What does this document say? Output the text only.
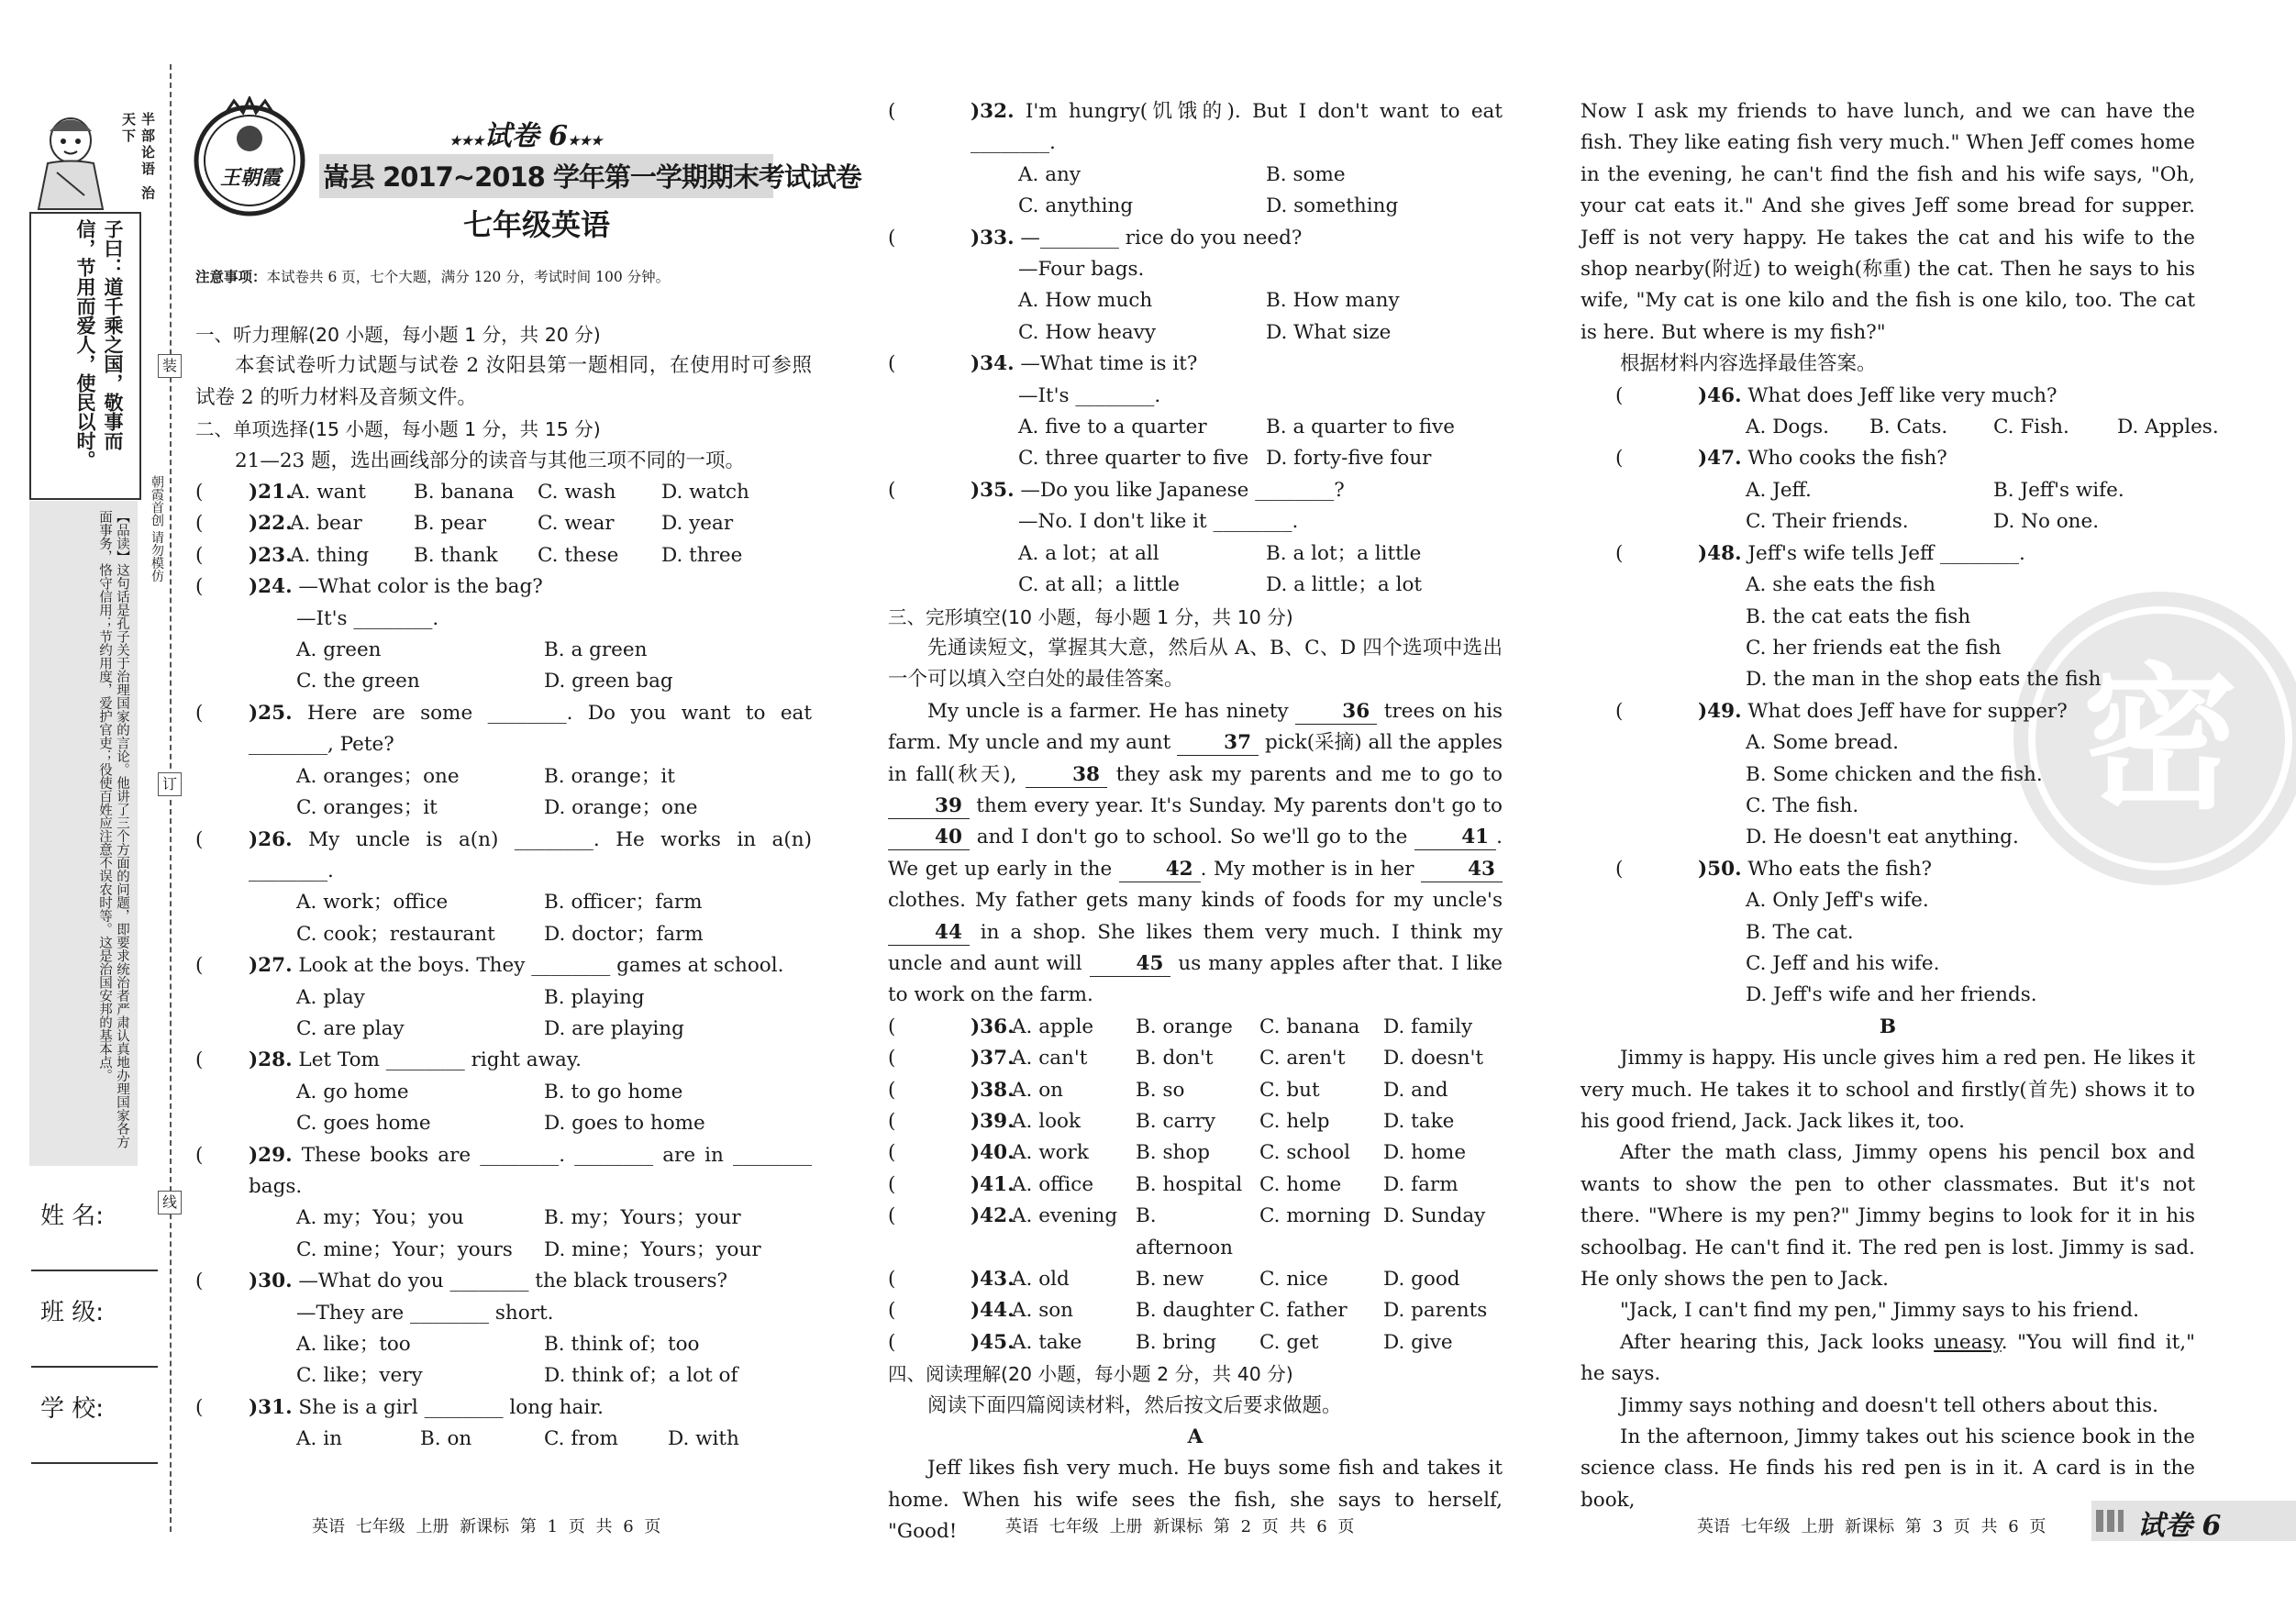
半部论语 治天下
子曰：道千乘之国，敬事而信，节用而爱人，使民以时。
【品读】这句话是孔子关于治理国家的言论。他讲了三个方面的问题，即要求统治者严肃认真地办理国家各方面事务，恪守信用；节约用度，爱护官吏；役使百姓应注意不误农时等。这是治国安邦的基本点。	朝霞首创 请勿模仿
装
订
线
姓 名:
班 级:
学 校:
王朝霞
★★★试卷 6★★★
嵩县 2017~2018 学年第一学期期末考试试卷
七年级英语
注意事项：本试卷共 6 页，七个大题，满分 120 分，考试时间 100 分钟。

一、听力理解(20 小题，每小题 1 分，共 20 分)

本套试卷听力试题与试卷 2 汝阳县第一题相同，在使用时可参照试卷 2 的听力材料及音频文件。

二、单项选择(15 小题，每小题 1 分，共 15 分)

21—23 题，选出画线部分的读音与其他三项不同的一项。

(	)21.
A. want	B. banana	C. wash	D. watch
(	)22.
A. bear	B. pear	C. wear	D. year
(	)23.
A. thing	B. thank	C. these	D. three
(	)24. —What color is the bag?

—It's ________.

A. green	B. a green
C. the green	D. green bag
(	)25. Here are some ________. Do you want to eat ________, Pete?

A. oranges；one	B. orange；it
C. oranges；it	D. orange；one
(	)26. My uncle is a(n) ________. He works in a(n) ________.

A. work；office	B. officer；farm
C. cook；restaurant	D. doctor；farm
(	)27. Look at the boys. They ________ games at school.

A. play	B. playing
C. are play	D. are playing
(	)28. Let Tom ________ right away.

A. go home	B. to go home
C. goes home	D. goes to home
(	)29. These books are ________. ________ are in ________ bags.

A. my；You；you	B. my；Yours；your
C. mine；Your；yours	D. mine；Yours；your
(	)30. —What do you ________ the black trousers?

—They are ________ short.

A. like；too	B. think of；too
C. like；very	D. think of；a lot of
(	)31. She is a girl ________ long hair.

A. in	B. on	C. from	D. with
英语 七年级 上册 新课标 第 1 页 共 6 页
(	)32. I'm hungry(饥饿的). But I don't want to eat ________.

A. any	B. some
C. anything	D. something
(	)33. —________ rice do you need?

—Four bags.

A. How much	B. How many
C. How heavy	D. What size
(	)34. —What time is it?

—It's ________.

A. five to a quarter	B. a quarter to five
C. three quarter to five D. forty-five four
(	)35. —Do you like Japanese ________?

—No. I don't like it ________.

A. a lot；at all	B. a lot；a little
C. at all；a little	D. a little；a lot

三、完形填空(10 小题，每小题 1 分，共 10 分)

先通读短文，掌握其大意，然后从 A、B、C、D 四个选项中选出一个可以填入空白处的最佳答案。

My uncle is a farmer. He has ninety	36 trees on his farm. My uncle and my aunt	37 pick(采摘) all the apples in fall(秋天),	38 they ask my parents and me to go to 39 them every year. It's Sunday. My parents don't go to 40 and I don't go to school. So we'll go to the	41 . We get up early in the	42 . My mother is in her	43 clothes. My father gets many kinds of foods for my uncle's 44 in a shop. She likes them very much. I think my uncle and aunt will	45 us many apples after that. I like to work on the farm.

(	)36.
A. apple	B. orange	C. banana	D. family
(	)37.
A. can't	B. don't	C. aren't	D. doesn't
(	)38.
A. on	B. so	C. but	D. and
(	)39.
A. look	B. carry	C. help	D. take
(	)40.
A. work	B. shop	C. school	D. home
(	)41.
A. office	B. hospital C. home	D. farm
(	)42.
A. evening B. afternoon
C. morning D. Sunday
(	)43.
A. old	B. new	C. nice	D. good
(	)44.
A. son	B. daughter C. father	D. parents
(	)45.
A. take	B. bring	C. get	D. give

四、阅读理解(20 小题，每小题 2 分，共 40 分)

阅读下面四篇阅读材料，然后按文后要求做题。

A

Jeff likes fish very much. He buys some fish and takes it home. When his wife sees the fish, she says to herself, "Good!	英语 七年级 上册 新课标 第 2 页 共 6 页
密

Now I ask my friends to have lunch, and we can have the fish. They like eating fish very much." When Jeff comes home in the evening, he can't find the fish and his wife says, "Oh, your cat eats it." And she gives Jeff some bread for supper. Jeff is not very happy. He takes the cat and his wife to the shop nearby(附近) to weigh(称重) the cat. Then he says to his wife, "My cat is one kilo and the fish is one kilo, too. The cat is here. But where is my fish?"

根据材料内容选择最佳答案。

(	)46. What does Jeff like very much?

A. Dogs.	B. Cats.	C. Fish.	D. Apples.
(	)47. Who cooks the fish?

A. Jeff.	B. Jeff's wife.
C. Their friends.	D. No one.
(	)48. Jeff's wife tells Jeff ________.

A. she eats the fish

B. the cat eats the fish

C. her friends eat the fish

D. the man in the shop eats the fish

(	)49. What does Jeff have for supper?

A. Some bread.

B. Some chicken and the fish.

C. The fish.

D. He doesn't eat anything.

(	)50. Who eats the fish?

A. Only Jeff's wife.

B. The cat.

C. Jeff and his wife.

D. Jeff's wife and her friends.

B

Jimmy is happy. His uncle gives him a red pen. He likes it very much. He takes it to school and firstly(首先) shows it to his good friend, Jack. Jack likes it, too.

After the math class, Jimmy opens his pencil box and wants to show the pen to other classmates. But it's not there. "Where is my pen?" Jimmy begins to look for it in his schoolbag. He can't find it. The red pen is lost. Jimmy is sad. He only shows the pen to Jack.

"Jack, I can't find my pen," Jimmy says to his friend.

After hearing this, Jack looks uneasy. "You will find it," he says.

Jimmy says nothing and doesn't tell others about this.

In the afternoon, Jimmy takes out his science book in the science class. He finds his red pen is in it. A card is in the book,

英语 七年级 上册 新课标 第 3 页 共 6 页	试卷 6
